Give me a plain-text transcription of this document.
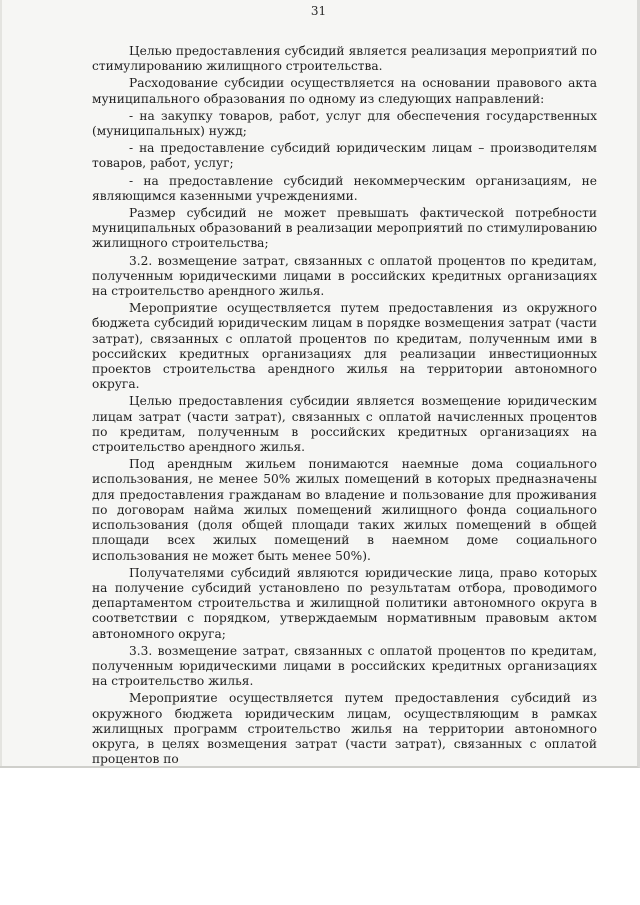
31

Целью предоставления субсидий является реализация мероприятий по стимулированию жилищного строительства.

Расходование субсидии осуществляется на основании правового акта муниципального образования по одному из следующих направлений:

- на закупку товаров, работ, услуг для обеспечения государственных (муниципальных) нужд;

- на предоставление субсидий юридическим лицам – производителям товаров, работ, услуг;

- на предоставление субсидий некоммерческим организациям, не являющимся казенными учреждениями.

Размер субсидий не может превышать фактической потребности муниципальных образований в реализации мероприятий по стимулированию жилищного строительства;

3.2. возмещение затрат, связанных с оплатой процентов по кредитам, полученным юридическими лицами в российских кредитных организациях на строительство арендного жилья.

Мероприятие осуществляется путем предоставления из окружного бюджета субсидий юридическим лицам в порядке возмещения затрат (части затрат), связанных с оплатой процентов по кредитам, полученным ими в российских кредитных организациях для реализации инвестиционных проектов строительства арендного жилья на территории автономного округа.

Целью предоставления субсидии является возмещение юридическим лицам затрат (части затрат), связанных с оплатой начисленных процентов по кредитам, полученным в российских кредитных организациях на строительство арендного жилья.

Под арендным жильем понимаются наемные дома социального использования, не менее 50% жилых помещений в которых предназначены для предоставления гражданам во владение и пользование для проживания по договорам найма жилых помещений жилищного фонда социального использования (доля общей площади таких жилых помещений в общей площади всех жилых помещений в наемном доме социального использования не может быть менее 50%).

Получателями субсидий являются юридические лица, право которых на получение субсидий установлено по результатам отбора, проводимого департаментом строительства и жилищной политики автономного округа в соответствии с порядком, утверждаемым нормативным правовым актом автономного округа;

3.3. возмещение затрат, связанных с оплатой процентов по кредитам, полученным юридическими лицами в российских кредитных организациях на строительство жилья.

Мероприятие осуществляется путем предоставления субсидий из окружного бюджета юридическим лицам, осуществляющим в рамках жилищных программ строительство жилья на территории автономного округа, в целях возмещения затрат (части затрат), связанных с оплатой процентов по
